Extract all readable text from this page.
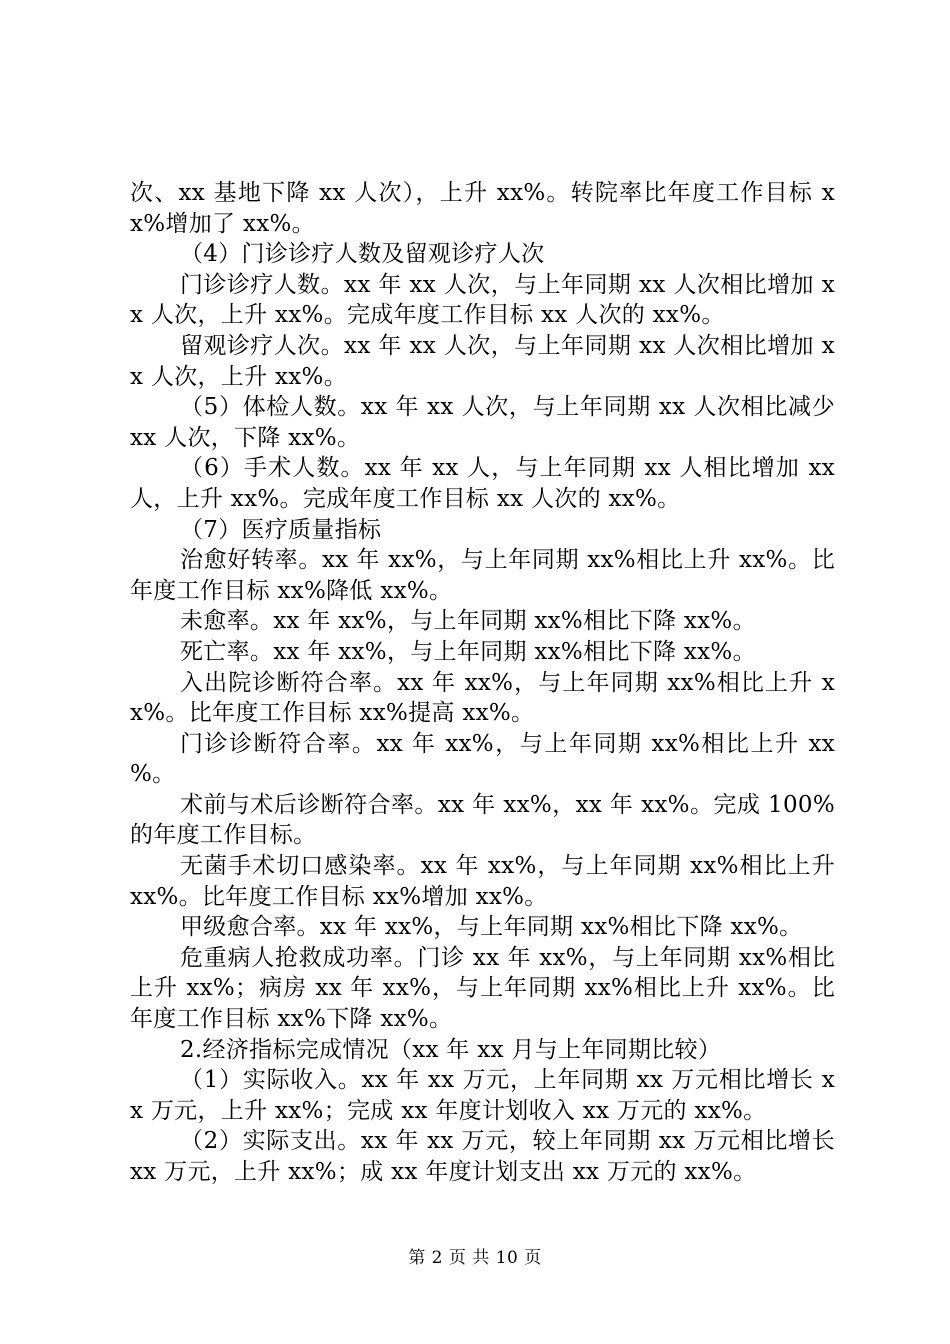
次、xx 基地下降 xx 人次），上升 xx%。转院率比年度工作目标 xx%增加了 xx%。

（4）门诊诊疗人数及留观诊疗人次

门诊诊疗人数。xx 年 xx 人次，与上年同期 xx 人次相比增加 xx 人次，上升 xx%。完成年度工作目标 xx 人次的 xx%。

留观诊疗人次。xx 年 xx 人次，与上年同期 xx 人次相比增加 xx 人次，上升 xx%。

（5）体检人数。xx 年 xx 人次，与上年同期 xx 人次相比减少 xx 人次，下降 xx%。

（6）手术人数。xx 年 xx 人，与上年同期 xx 人相比增加 xx 人，上升 xx%。完成年度工作目标 xx 人次的 xx%。

（7）医疗质量指标

治愈好转率。xx 年 xx%，与上年同期 xx%相比上升 xx%。比年度工作目标 xx%降低 xx%。

未愈率。xx 年 xx%，与上年同期 xx%相比下降 xx%。

死亡率。xx 年 xx%，与上年同期 xx%相比下降 xx%。

入出院诊断符合率。xx 年 xx%，与上年同期 xx%相比上升 xx%。比年度工作目标 xx%提高 xx%。

门诊诊断符合率。xx 年 xx%，与上年同期 xx%相比上升 xx %。

术前与术后诊断符合率。xx 年 xx%，xx 年 xx%。完成 100%的年度工作目标。

无菌手术切口感染率。xx 年 xx%，与上年同期 xx%相比上升 xx%。比年度工作目标 xx%增加 xx%。

甲级愈合率。xx 年 xx%，与上年同期 xx%相比下降 xx%。

危重病人抢救成功率。门诊 xx 年 xx%，与上年同期 xx%相比上升 xx%；病房 xx 年 xx%，与上年同期 xx%相比上升 xx%。比年度工作目标 xx%下降 xx%。

2.经济指标完成情况（xx 年 xx 月与上年同期比较）

（1）实际收入。xx 年 xx 万元，上年同期 xx 万元相比增长 xx 万元，上升 xx%；完成 xx 年度计划收入 xx 万元的 xx%。

（2）实际支出。xx 年 xx 万元，较上年同期 xx 万元相比增长 xx 万元，上升 xx%；成 xx 年度计划支出 xx 万元的 xx%。

第 2 页 共 10 页
